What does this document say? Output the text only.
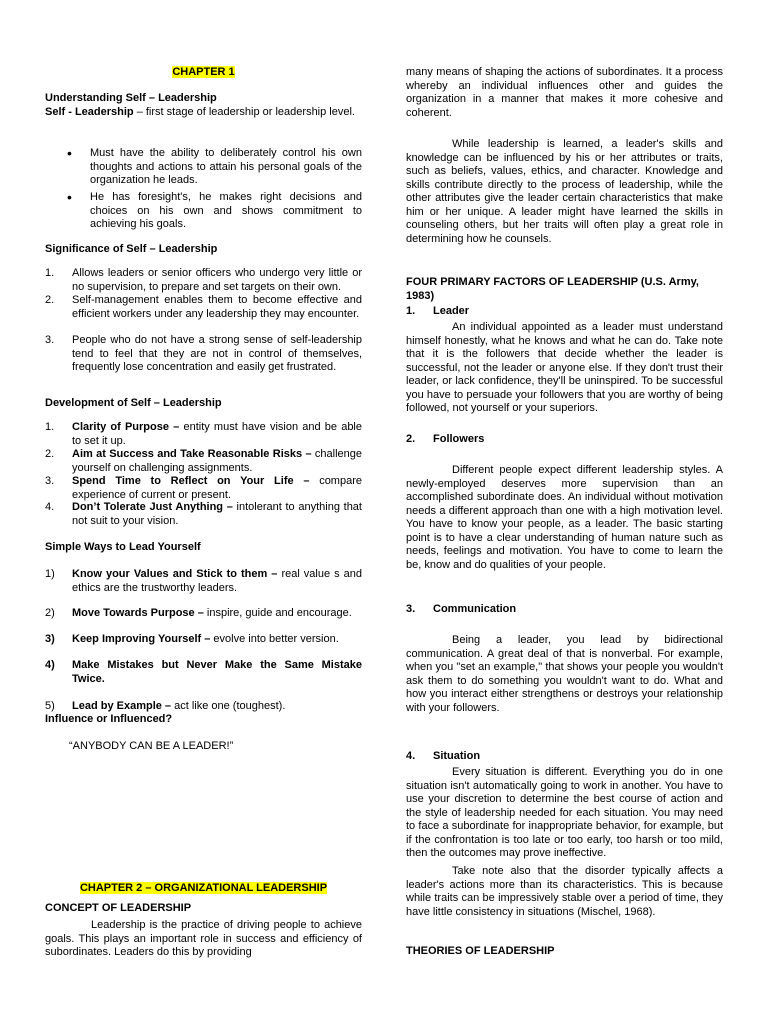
CHAPTER 1

Understanding Self – Leadership

Self - Leadership – first stage of leadership or leadership level.

• Must have the ability to deliberately control his own thoughts and actions to attain his personal goals of the organization he leads.

• He has foresight's, he makes right decisions and choices on his own and shows commitment to achieving his goals.

Significance of Self – Leadership

1. Allows leaders or senior officers who undergo very little or no supervision, to prepare and set targets on their own.

2. Self-management enables them to become effective and efficient workers under any leadership they may encounter.

3. People who do not have a strong sense of self-leadership tend to feel that they are not in control of themselves, frequently lose concentration and easily get frustrated.

Development of Self – Leadership

1. Clarity of Purpose – entity must have vision and be able to set it up.

2. Aim at Success and Take Reasonable Risks – challenge yourself on challenging assignments.

3. Spend Time to Reflect on Your Life – compare experience of current or present.

4. Don’t Tolerate Just Anything – intolerant to anything that not suit to your vision.

Simple Ways to Lead Yourself

1) Know your Values and Stick to them – real value s and ethics are the trustworthy leaders.

2) Move Towards Purpose – inspire, guide and encourage.

3) Keep Improving Yourself – evolve into better version.

4) Make Mistakes but Never Make the Same Mistake Twice.

5) Lead by Example – act like one (toughest).

Influence or Influenced?

“ANYBODY CAN BE A LEADER!”

CHAPTER 2 – ORGANIZATIONAL LEADERSHIP

CONCEPT OF LEADERSHIP

Leadership is the practice of driving people to achieve goals. This plays an important role in success and efficiency of subordinates. Leaders do this by providing

many means of shaping the actions of subordinates. It a process whereby an individual influences other and guides the organization in a manner that makes it more cohesive and coherent.

While leadership is learned, a leader's skills and knowledge can be influenced by his or her attributes or traits, such as beliefs, values, ethics, and character. Knowledge and skills contribute directly to the process of leadership, while the other attributes give the leader certain characteristics that make him or her unique. A leader might have learned the skills in counseling others, but her traits will often play a great role in determining how he counsels.

FOUR PRIMARY FACTORS OF LEADERSHIP (U.S. Army, 1983)

1. Leader

An individual appointed as a leader must understand himself honestly, what he knows and what he can do. Take note that it is the followers that decide whether the leader is successful, not the leader or anyone else. If they don't trust their leader, or lack confidence, they'll be uninspired. To be successful you have to persuade your followers that you are worthy of being followed, not yourself or your superiors.

2. Followers

Different people expect different leadership styles. A newly-employed deserves more supervision than an accomplished subordinate does. An individual without motivation needs a different approach than one with a high motivation level. You have to know your people, as a leader. The basic starting point is to have a clear understanding of human nature such as needs, feelings and motivation. You have to come to learn the be, know and do qualities of your people.

3. Communication

Being a leader, you lead by bidirectional communication. A great deal of that is nonverbal. For example, when you "set an example," that shows your people you wouldn't ask them to do something you wouldn't want to do. What and how you interact either strengthens or destroys your relationship with your followers.

4. Situation

Every situation is different. Everything you do in one situation isn't automatically going to work in another. You have to use your discretion to determine the best course of action and the style of leadership needed for each situation. You may need to face a subordinate for inappropriate behavior, for example, but if the confrontation is too late or too early, too harsh or too mild, then the outcomes may prove ineffective.

Take note also that the disorder typically affects a leader's actions more than its characteristics. This is because while traits can be impressively stable over a period of time, they have little consistency in situations (Mischel, 1968).

THEORIES OF LEADERSHIP
